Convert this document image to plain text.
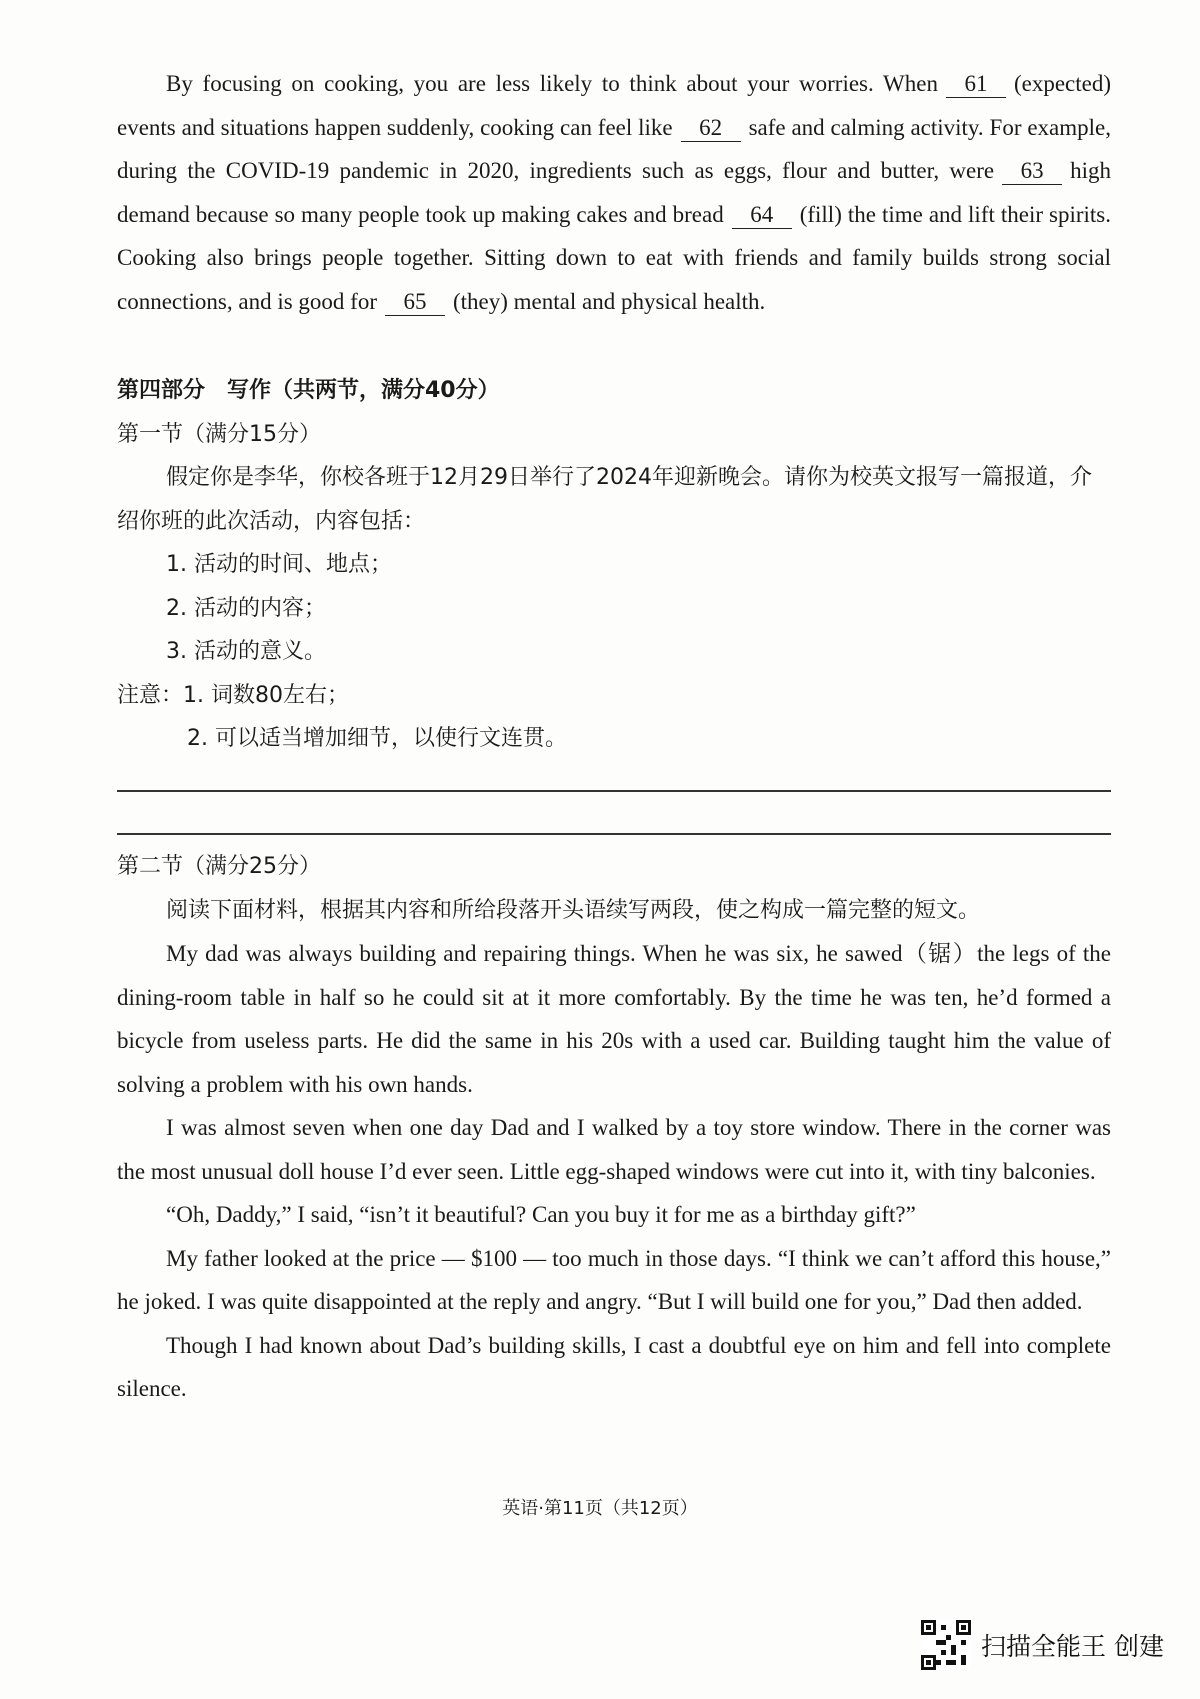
By focusing on cooking, you are less likely to think about your worries. When 61 (expected) events and situations happen suddenly, cooking can feel like 62 safe and calming activity. For example, during the COVID-19 pandemic in 2020, ingredients such as eggs, flour and butter, were 63 high demand because so many people took up making cakes and bread 64 (fill) the time and lift their spirits. Cooking also brings people together. Sitting down to eat with friends and family builds strong social connections, and is good for 65 (they) mental and physical health.

第四部分　写作（共两节，满分40分）

第一节（满分15分）

假定你是李华，你校各班于12月29日举行了2024年迎新晚会。请你为校英文报写一篇报道，介绍你班的此次活动，内容包括：

1. 活动的时间、地点；

2. 活动的内容；

3. 活动的意义。

注意：1. 词数80左右；

2. 可以适当增加细节，以使行文连贯。

第二节（满分25分）

阅读下面材料，根据其内容和所给段落开头语续写两段，使之构成一篇完整的短文。

My dad was always building and repairing things. When he was six, he sawed（锯）the legs of the dining-room table in half so he could sit at it more comfortably. By the time he was ten, he’d formed a bicycle from useless parts. He did the same in his 20s with a used car. Building taught him the value of solving a problem with his own hands.

I was almost seven when one day Dad and I walked by a toy store window. There in the corner was the most unusual doll house I’d ever seen. Little egg-shaped windows were cut into it, with tiny balconies.

“Oh, Daddy,” I said, “isn’t it beautiful? Can you buy it for me as a birthday gift?”

My father looked at the price — $100 — too much in those days. “I think we can’t afford this house,” he joked. I was quite disappointed at the reply and angry. “But I will build one for you,” Dad then added.

Though I had known about Dad’s building skills, I cast a doubtful eye on him and fell into complete silence.

英语·第11页（共12页）
扫描全能王 创建
